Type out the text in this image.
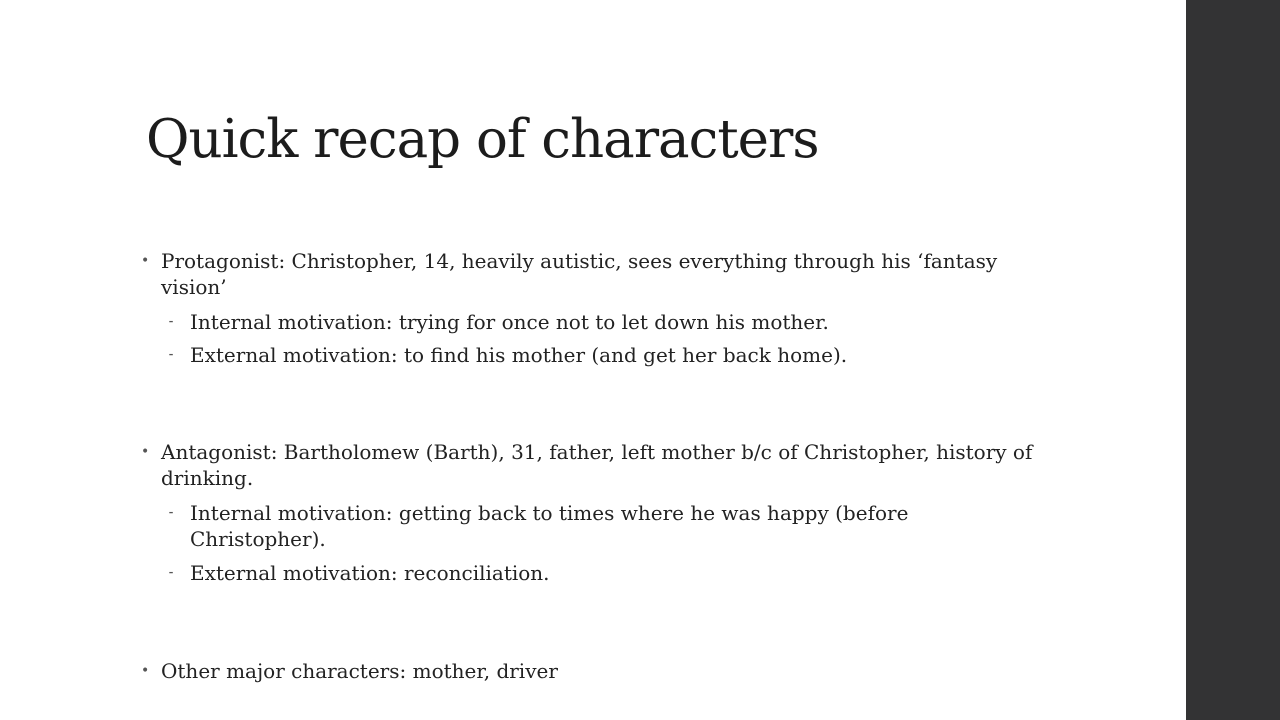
Quick recap of characters
• Protagonist: Christopher, 14, heavily autistic, sees everything through his ‘fantasy vision’
⁃ Internal motivation: trying for once not to let down his mother.
⁃ External motivation: to find his mother (and get her back home).
• Antagonist: Bartholomew (Barth), 31, father, left mother b/c of Christopher, history of drinking.
⁃ Internal motivation: getting back to times where he was happy (before Christopher).
⁃ External motivation: reconciliation.
• Other major characters: mother, driver
